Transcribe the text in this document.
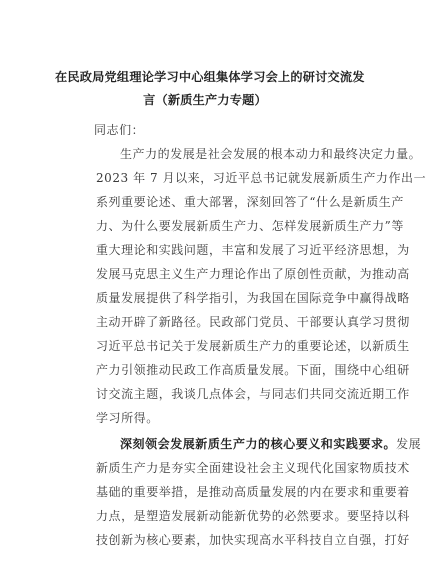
在民政局党组理论学习中心组集体学习会上的研讨交流发
言（新质生产力专题）
同志们：
生产力的发展是社会发展的根本动力和最终决定力量。
2023 年 7 月以来，习近平总书记就发展新质生产力作出一
系列重要论述、重大部署，深刻回答了“什么是新质生产
力、为什么要发展新质生产力、怎样发展新质生产力”等
重大理论和实践问题，丰富和发展了习近平经济思想，为
发展马克思主义生产力理论作出了原创性贡献，为推动高
质量发展提供了科学指引，为我国在国际竞争中赢得战略
主动开辟了新路径。民政部门党员、干部要认真学习贯彻
习近平总书记关于发展新质生产力的重要论述，以新质生
产力引领推动民政工作高质量发展。下面，围绕中心组研
讨交流主题，我谈几点体会，与同志们共同交流近期工作
学习所得。
深刻领会发展新质生产力的核心要义和实践要求。发展
新质生产力是夯实全面建设社会主义现代化国家物质技术
基础的重要举措，是推动高质量发展的内在要求和重要着
力点，是塑造发展新动能新优势的必然要求。要坚持以科
技创新为核心要素，加快实现高水平科技自立自强，打好
